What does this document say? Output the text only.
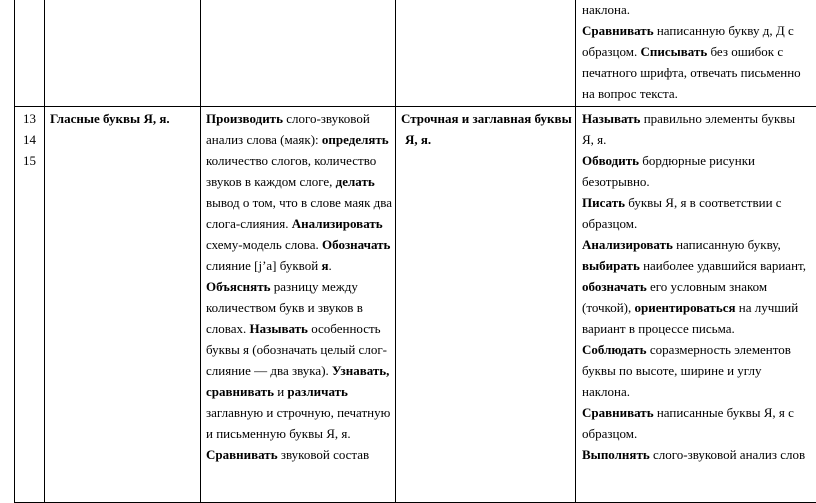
наклона.

Сравнивать написанную букву д, Д с

образцом. Списывать без ошибок с

печатного шрифта, отвечать письменно

на вопрос текста.

13
14
15

Гласные буквы Я, я.	Производить слого-звуковой

анализ слова (маяк): определять

количество слогов, количество

звуков в каждом слоге, делать

вывод о том, что в слове маяк два

слога-слияния. Анализировать

схему-модель слова. Обозначать

слияние [j’a] буквой я.

Объяснять разницу между

количеством букв и звуков в

словах. Называть особенность

буквы я (обозначать целый слог-

слияние — два звука). Узнавать,

сравнивать и различать

заглавную и строчную, печатную

и письменную буквы Я, я.

Сравнивать звуковой состав

Строчная и заглавная буквы

Я, я.

Называть правильно элементы буквы

Я, я.

Обводить бордюрные рисунки

безотрывно.

Писать буквы Я, я в соответствии с

образцом.

Анализировать написанную букву,

выбирать наиболее удавшийся вариант,

обозначать его условным знаком

(точкой), ориентироваться на лучший

вариант в процессе письма.

Соблюдать соразмерность элементов

буквы по высоте, ширине и углу

наклона.

Сравнивать написанные буквы Я, я с

образцом.

Выполнять слого-звуковой анализ слов
